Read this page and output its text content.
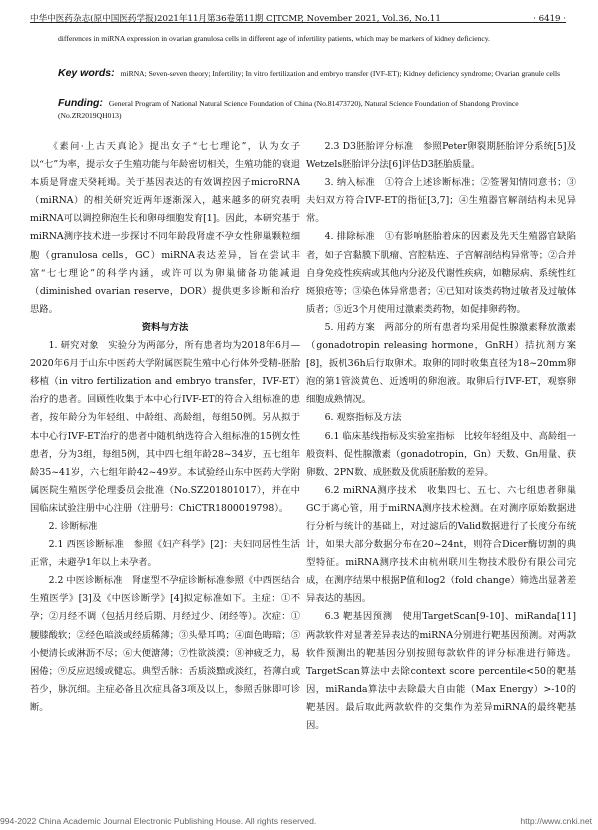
中华中医药杂志(原中国医药学报)2021年11月第36卷第11期 CJTCMP, November 2021, Vol.36, No.11	· 6419 ·
differences in miRNA expression in ovarian granulosa cells in different age of infertility patients, which may be markers of kidney deficiency.
Key words: miRNA; Seven-seven theory; Infertility; In vitro fertilization and embryo transfer (IVF-ET); Kidney deficiency syndrome; Ovarian granule cells
Funding: General Program of National Natural Science Foundation of China (No.81473720), Natural Science Foundation of Shandong Province (No.ZR2019QH013)

《素问·上古天真论》提出女子“七七理论”，认为女子以“七”为率，提示女子生殖功能与年龄密切相关，生殖功能的衰退本质是肾虚天癸耗竭。关于基因表达的有效调控因子microRNA（miRNA）的相关研究近两年逐渐深入，越来越多的研究表明miRNA可以调控卵泡生长和卵母细胞发育[1]。因此，本研究基于miRNA测序技术进一步探讨不同年龄段肾虚不孕女性卵巢颗粒细胞（granulosa cells，GC）miRNA表达差异，旨在尝试丰富“七七理论”的科学内涵，或许可以为卵巢储备功能减退（diminished ovarian reserve，DOR）提供更多诊断和治疗思路。

资料与方法

1. 研究对象　实验分为两部分，所有患者均为2018年6月—2020年6月于山东中医药大学附属医院生殖中心行体外受精-胚胎移植（in vitro fertilization and embryo transfer，IVF-ET）治疗的患者。回顾性收集于本中心行IVF-ET的符合入组标准的患者，按年龄分为年轻组、中龄组、高龄组，每组50例。另从拟于本中心行IVF-ET治疗的患者中随机纳选符合入组标准的15例女性患者，分为3组，每组5例，其中四七组年龄28~34岁，五七组年龄35~41岁，六七组年龄42~49岁。本试验经山东中医药大学附属医院生殖医学伦理委员会批准（No.SZ201801017），并在中国临床试验注册中心注册（注册号：ChiCTR1800019798）。

2. 诊断标准

2.1 西医诊断标准　参照《妇产科学》[2]：夫妇同居性生活正常，未避孕1年以上未孕者。

2.2 中医诊断标准　肾虚型不孕症诊断标准参照《中西医结合生殖医学》[3]及《中医诊断学》[4]拟定标准如下。主症：①不孕；②月经不调（包括月经后期、月经过少、闭经等）。次症：①腰膝酸软；②经色暗淡或经质稀薄；③头晕耳鸣；④面色晦暗；⑤小便清长或淋沥不尽；⑥大便溏薄；⑦性欲淡漠；⑧神疲乏力，易困倦；⑨反应迟缓或健忘。典型舌脉：舌质淡黯或淡红，苔薄白或苔少，脉沉细。主症必备且次症具备3项及以上，参照舌脉即可诊断。

2.3 D3胚胎评分标准　参照Peter卵裂期胚胎评分系统[5]及Wetzels胚胎评分法[6]评估D3胚胎质量。

3. 纳入标准　①符合上述诊断标准；②签署知情同意书；③夫妇双方符合IVF-ET的指征[3,7]；④生殖器官解剖结构未见异常。

4. 排除标准　①有影响胚胎着床的因素及先天生殖器官缺陷者，如子宫黏膜下肌瘤、宫腔粘连、子宫解剖结构异常等；②合并自身免疫性疾病或其他内分泌及代谢性疾病，如糖尿病、系统性红斑狼疮等；③染色体异常患者；④已知对该类药物过敏者及过敏体质者；⑤近3个月使用过激素类药物，如促排卵药物。

5. 用药方案　两部分的所有患者均采用促性腺激素释放激素（gonadotropin releasing hormone，GnRH）拮抗剂方案[8]，扳机36h后行取卵术。取卵的同时收集直径为18~20mm卵泡的第1管淡黄色、近透明的卵泡液。取卵后行IVF-ET，观察卵细胞成熟情况。

6. 观察指标及方法

6.1 临床基线指标及实验室指标　比较年轻组及中、高龄组一般资料、促性腺激素（gonadotropin，Gn）天数、Gn用量、获卵数、2PN数、成胚数及优质胚胎数的差异。

6.2 miRNA测序技术　收集四七、五七、六七组患者卵巢GC于离心管，用于miRNA测序技术检测。在对测序原始数据进行分析与统计的基础上，对过滤后的Valid数据进行了长度分布统计，如果大部分数据分布在20~24nt，则符合Dicer酶切割的典型特征。miRNA测序技术由杭州联川生物技术股份有限公司完成，在测序结果中根据P值和log2（fold change）筛选出显著差异表达的基因。

6.3 靶基因预测　使用TargetScan[9-10]、miRanda[11]两款软件对显著差异表达的miRNA分别进行靶基因预测。对两款软件预测出的靶基因分别按照每款软件的评分标准进行筛选。TargetScan算法中去除context score percentile<50的靶基因，miRanda算法中去除最大自由能（Max Energy）>-10的靶基因。最后取此两款软件的交集作为差异miRNA的最终靶基因。

994-2022 China Academic Journal Electronic Publishing House. All rights reserved.	http://www.cnki.net
